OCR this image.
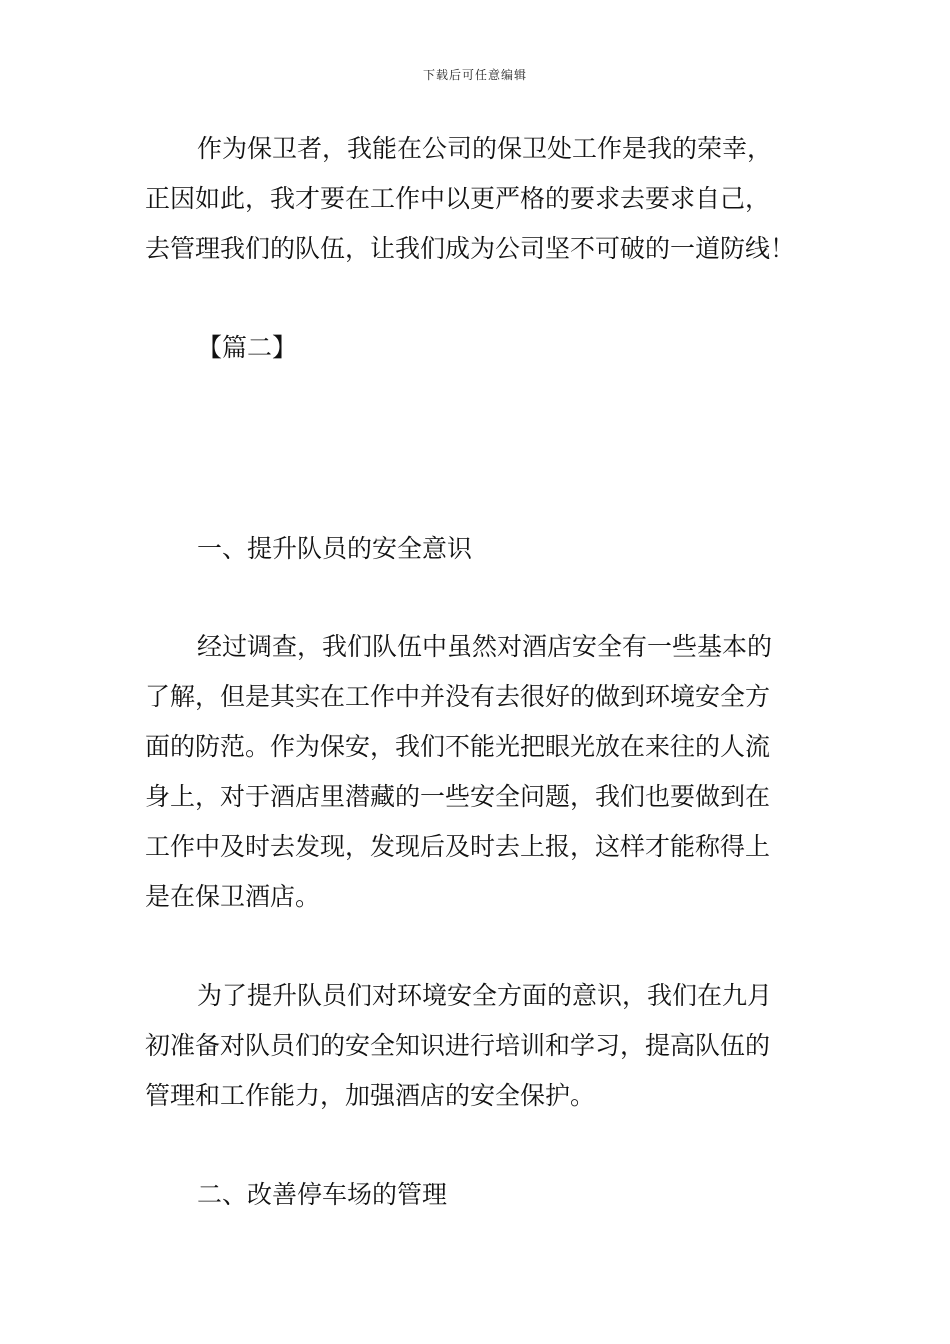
下载后可任意编辑
作为保卫者，我能在公司的保卫处工作是我的荣幸，
正因如此，我才要在工作中以更严格的要求去要求自己，
去管理我们的队伍，让我们成为公司坚不可破的一道防线！
【篇二】
一、提升队员的安全意识
经过调查，我们队伍中虽然对酒店安全有一些基本的
了解，但是其实在工作中并没有去很好的做到环境安全方
面的防范。作为保安，我们不能光把眼光放在来往的人流
身上，对于酒店里潜藏的一些安全问题，我们也要做到在
工作中及时去发现，发现后及时去上报，这样才能称得上
是在保卫酒店。
为了提升队员们对环境安全方面的意识，我们在九月
初准备对队员们的安全知识进行培训和学习，提高队伍的
管理和工作能力，加强酒店的安全保护。
二、改善停车场的管理
